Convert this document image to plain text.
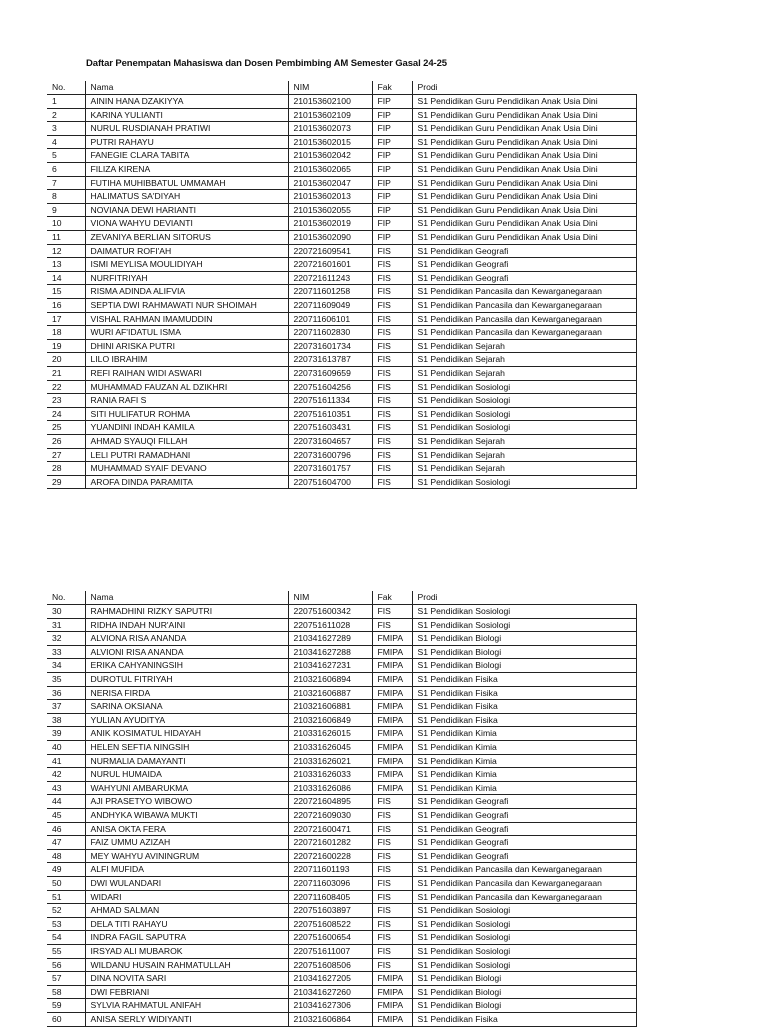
Daftar Penempatan Mahasiswa dan Dosen Pembimbing AM Semester Gasal 24-25
No.	Nama	NIM	Fak	Prodi
1	AININ HANA DZAKIYYA	210153602100	FIP	S1 Pendidikan Guru Pendidikan Anak Usia Dini
2	KARINA YULIANTI	210153602109	FIP	S1 Pendidikan Guru Pendidikan Anak Usia Dini
3	NURUL RUSDIANAH PRATIWI	210153602073	FIP	S1 Pendidikan Guru Pendidikan Anak Usia Dini
4	PUTRI RAHAYU	210153602015	FIP	S1 Pendidikan Guru Pendidikan Anak Usia Dini
5	FANEGIE CLARA TABITA	210153602042	FIP	S1 Pendidikan Guru Pendidikan Anak Usia Dini
6	FILIZA KIRENA	210153602065	FIP	S1 Pendidikan Guru Pendidikan Anak Usia Dini
7	FUTIHA MUHIBBATUL UMMAMAH	210153602047	FIP	S1 Pendidikan Guru Pendidikan Anak Usia Dini
8	HALIMATUS SA'DIYAH	210153602013	FIP	S1 Pendidikan Guru Pendidikan Anak Usia Dini
9	NOVIANA DEWI HARIANTI	210153602055	FIP	S1 Pendidikan Guru Pendidikan Anak Usia Dini
10	VIONA WAHYU DEVIANTI	210153602019	FIP	S1 Pendidikan Guru Pendidikan Anak Usia Dini
11	ZEVANIYA BERLIAN SITORUS	210153602090	FIP	S1 Pendidikan Guru Pendidikan Anak Usia Dini
12	DAIMATUR ROFI'AH	220721609541	FIS	S1 Pendidikan Geografi
13	ISMI MEYLISA MOULIDIYAH	220721601601	FIS	S1 Pendidikan Geografi
14	NURFITRIYAH	220721611243	FIS	S1 Pendidikan Geografi
15	RISMA ADINDA ALIFVIA	220711601258	FIS	S1 Pendidikan Pancasila dan Kewarganegaraan
16	SEPTIA DWI RAHMAWATI NUR SHOIMAH	220711609049	FIS	S1 Pendidikan Pancasila dan Kewarganegaraan
17	VISHAL RAHMAN IMAMUDDIN	220711606101	FIS	S1 Pendidikan Pancasila dan Kewarganegaraan
18	WURI AF'IDATUL ISMA	220711602830	FIS	S1 Pendidikan Pancasila dan Kewarganegaraan
19	DHINI ARISKA PUTRI	220731601734	FIS	S1 Pendidikan Sejarah
20	LILO IBRAHIM	220731613787	FIS	S1 Pendidikan Sejarah
21	REFI RAIHAN WIDI ASWARI	220731609659	FIS	S1 Pendidikan Sejarah
22	MUHAMMAD FAUZAN AL DZIKHRI	220751604256	FIS	S1 Pendidikan Sosiologi
23	RANIA RAFI S	220751611334	FIS	S1 Pendidikan Sosiologi
24	SITI HULIFATUR ROHMA	220751610351	FIS	S1 Pendidikan Sosiologi
25	YUANDINI INDAH KAMILA	220751603431	FIS	S1 Pendidikan Sosiologi
26	AHMAD SYAUQI FILLAH	220731604657	FIS	S1 Pendidikan Sejarah
27	LELI PUTRI RAMADHANI	220731600796	FIS	S1 Pendidikan Sejarah
28	MUHAMMAD SYAIF DEVANO	220731601757	FIS	S1 Pendidikan Sejarah
29	AROFA DINDA PARAMITA	220751604700	FIS	S1 Pendidikan Sosiologi
No.	Nama	NIM	Fak	Prodi
30	RAHMADHINI RIZKY SAPUTRI	220751600342	FIS	S1 Pendidikan Sosiologi
31	RIDHA INDAH NUR'AINI	220751611028	FIS	S1 Pendidikan Sosiologi
32	ALVIONA RISA ANANDA	210341627289	FMIPA	S1 Pendidikan Biologi
33	ALVIONI RISA ANANDA	210341627288	FMIPA	S1 Pendidikan Biologi
34	ERIKA CAHYANINGSIH	210341627231	FMIPA	S1 Pendidikan Biologi
35	DUROTUL FITRIYAH	210321606894	FMIPA	S1 Pendidikan Fisika
36	NERISA FIRDA	210321606887	FMIPA	S1 Pendidikan Fisika
37	SARINA OKSIANA	210321606881	FMIPA	S1 Pendidikan Fisika
38	YULIAN AYUDITYA	210321606849	FMIPA	S1 Pendidikan Fisika
39	ANIK KOSIMATUL HIDAYAH	210331626015	FMIPA	S1 Pendidikan Kimia
40	HELEN SEFTIA NINGSIH	210331626045	FMIPA	S1 Pendidikan Kimia
41	NURMALIA DAMAYANTI	210331626021	FMIPA	S1 Pendidikan Kimia
42	NURUL HUMAIDA	210331626033	FMIPA	S1 Pendidikan Kimia
43	WAHYUNI AMBARUKMA	210331626086	FMIPA	S1 Pendidikan Kimia
44	AJI PRASETYO WIBOWO	220721604895	FIS	S1 Pendidikan Geografi
45	ANDHYKA WIBAWA MUKTI	220721609030	FIS	S1 Pendidikan Geografi
46	ANISA OKTA FERA	220721600471	FIS	S1 Pendidikan Geografi
47	FAIZ UMMU AZIZAH	220721601282	FIS	S1 Pendidikan Geografi
48	MEY WAHYU AVININGRUM	220721600228	FIS	S1 Pendidikan Geografi
49	ALFI MUFIDA	220711601193	FIS	S1 Pendidikan Pancasila dan Kewarganegaraan
50	DWI WULANDARI	220711603096	FIS	S1 Pendidikan Pancasila dan Kewarganegaraan
51	WIDARI	220711608405	FIS	S1 Pendidikan Pancasila dan Kewarganegaraan
52	AHMAD SALMAN	220751603897	FIS	S1 Pendidikan Sosiologi
53	DELA TITI RAHAYU	220751608522	FIS	S1 Pendidikan Sosiologi
54	INDRA FAGIL SAPUTRA	220751600654	FIS	S1 Pendidikan Sosiologi
55	IRSYAD ALI MUBAROK	220751611007	FIS	S1 Pendidikan Sosiologi
56	WILDANU HUSAIN RAHMATULLAH	220751608506	FIS	S1 Pendidikan Sosiologi
57	DINA NOVITA SARI	210341627205	FMIPA	S1 Pendidikan Biologi
58	DWI FEBRIANI	210341627260	FMIPA	S1 Pendidikan Biologi
59	SYLVIA RAHMATUL ANIFAH	210341627306	FMIPA	S1 Pendidikan Biologi
60	ANISA SERLY WIDIYANTI	210321606864	FMIPA	S1 Pendidikan Fisika
